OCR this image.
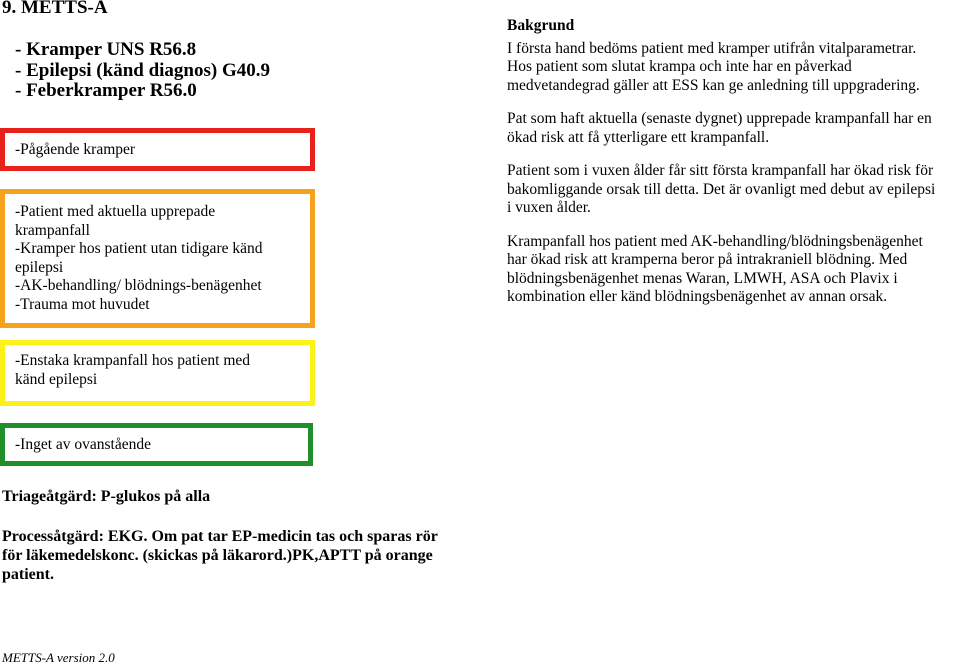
9. METTS-A
- Kramper UNS R56.8
- Epilepsi (känd diagnos) G40.9
- Feberkramper R56.0
-Pågående kramper
-Patient med aktuella upprepade
krampanfall
-Kramper hos patient utan tidigare känd
epilepsi
-AK-behandling/ blödnings-benägenhet
-Trauma mot huvudet
-Enstaka krampanfall hos patient med
känd epilepsi
-Inget av ovanstående
Triageåtgärd: P-glukos på alla
Processåtgärd: EKG. Om pat tar EP-medicin tas och sparas rör
för läkemedelskonc. (skickas på läkarord.)PK,APTT på orange
patient.
METTS-A version 2.0
Bakgrund

I första hand bedöms patient med kramper utifrån vitalparametrar.
Hos patient som slutat krampa och inte har en påverkad
medvetandegrad gäller att ESS kan ge anledning till uppgradering.

Pat som haft aktuella (senaste dygnet) upprepade krampanfall har en
ökad risk att få ytterligare ett krampanfall.

Patient som i vuxen ålder får sitt första krampanfall har ökad risk för
bakomliggande orsak till detta. Det är ovanligt med debut av epilepsi
i vuxen ålder.

Krampanfall hos patient med AK-behandling/blödningsbenägenhet
har ökad risk att kramperna beror på intrakraniell blödning. Med
blödningsbenägenhet menas Waran, LMWH, ASA och Plavix i
kombination eller känd blödningsbenägenhet av annan orsak.
